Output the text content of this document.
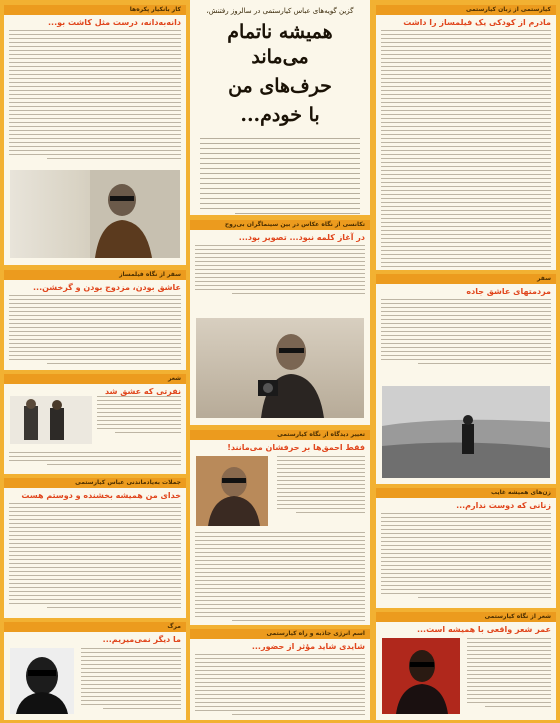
گزین گویه‌های عباس کیارستمی در سالروز رفتنش،
همیشه ناتمام می‌ماند
حرف‌های من
با خودم...
کیارستمی از زبان کیارستمی
مادرم از کودکی یک فیلمساز را داشت
کار بانکیار پکره‌ها
دانه‌به‌دانه، درست مثل کاشت بو...
سفر از نگاه فیلمساز
عاشق بودن، مزدوج بودن و گرخشن...
شعر
نفرتی که عشق شد
تکانسی از نگاه عکاس در بین سینماگران بی‌روح
در آغاز کلمه نبود... تصویر بود...
سفر
مردمتهای عاشق جاده
تغییر دیدگاه از نگاه کیارستمی
فقط احمق‌ها بر حرفشان می‌مانند!
جملات به‌یادماندنی عباس کیارستمی
خدای من همیشه بخشنده و دوستم‌ هست	زن‌های همیشه غایب
زنانی که دوست ندارم...
مرگ
ما دیگر نمی‌میریم...
اسم انرژی جاذبه و راه کیارستمی
شایدی شاید مؤثر از حضور...
شعر از نگاه کیارستمی
عمر شعر واقعی با همیشه است...
